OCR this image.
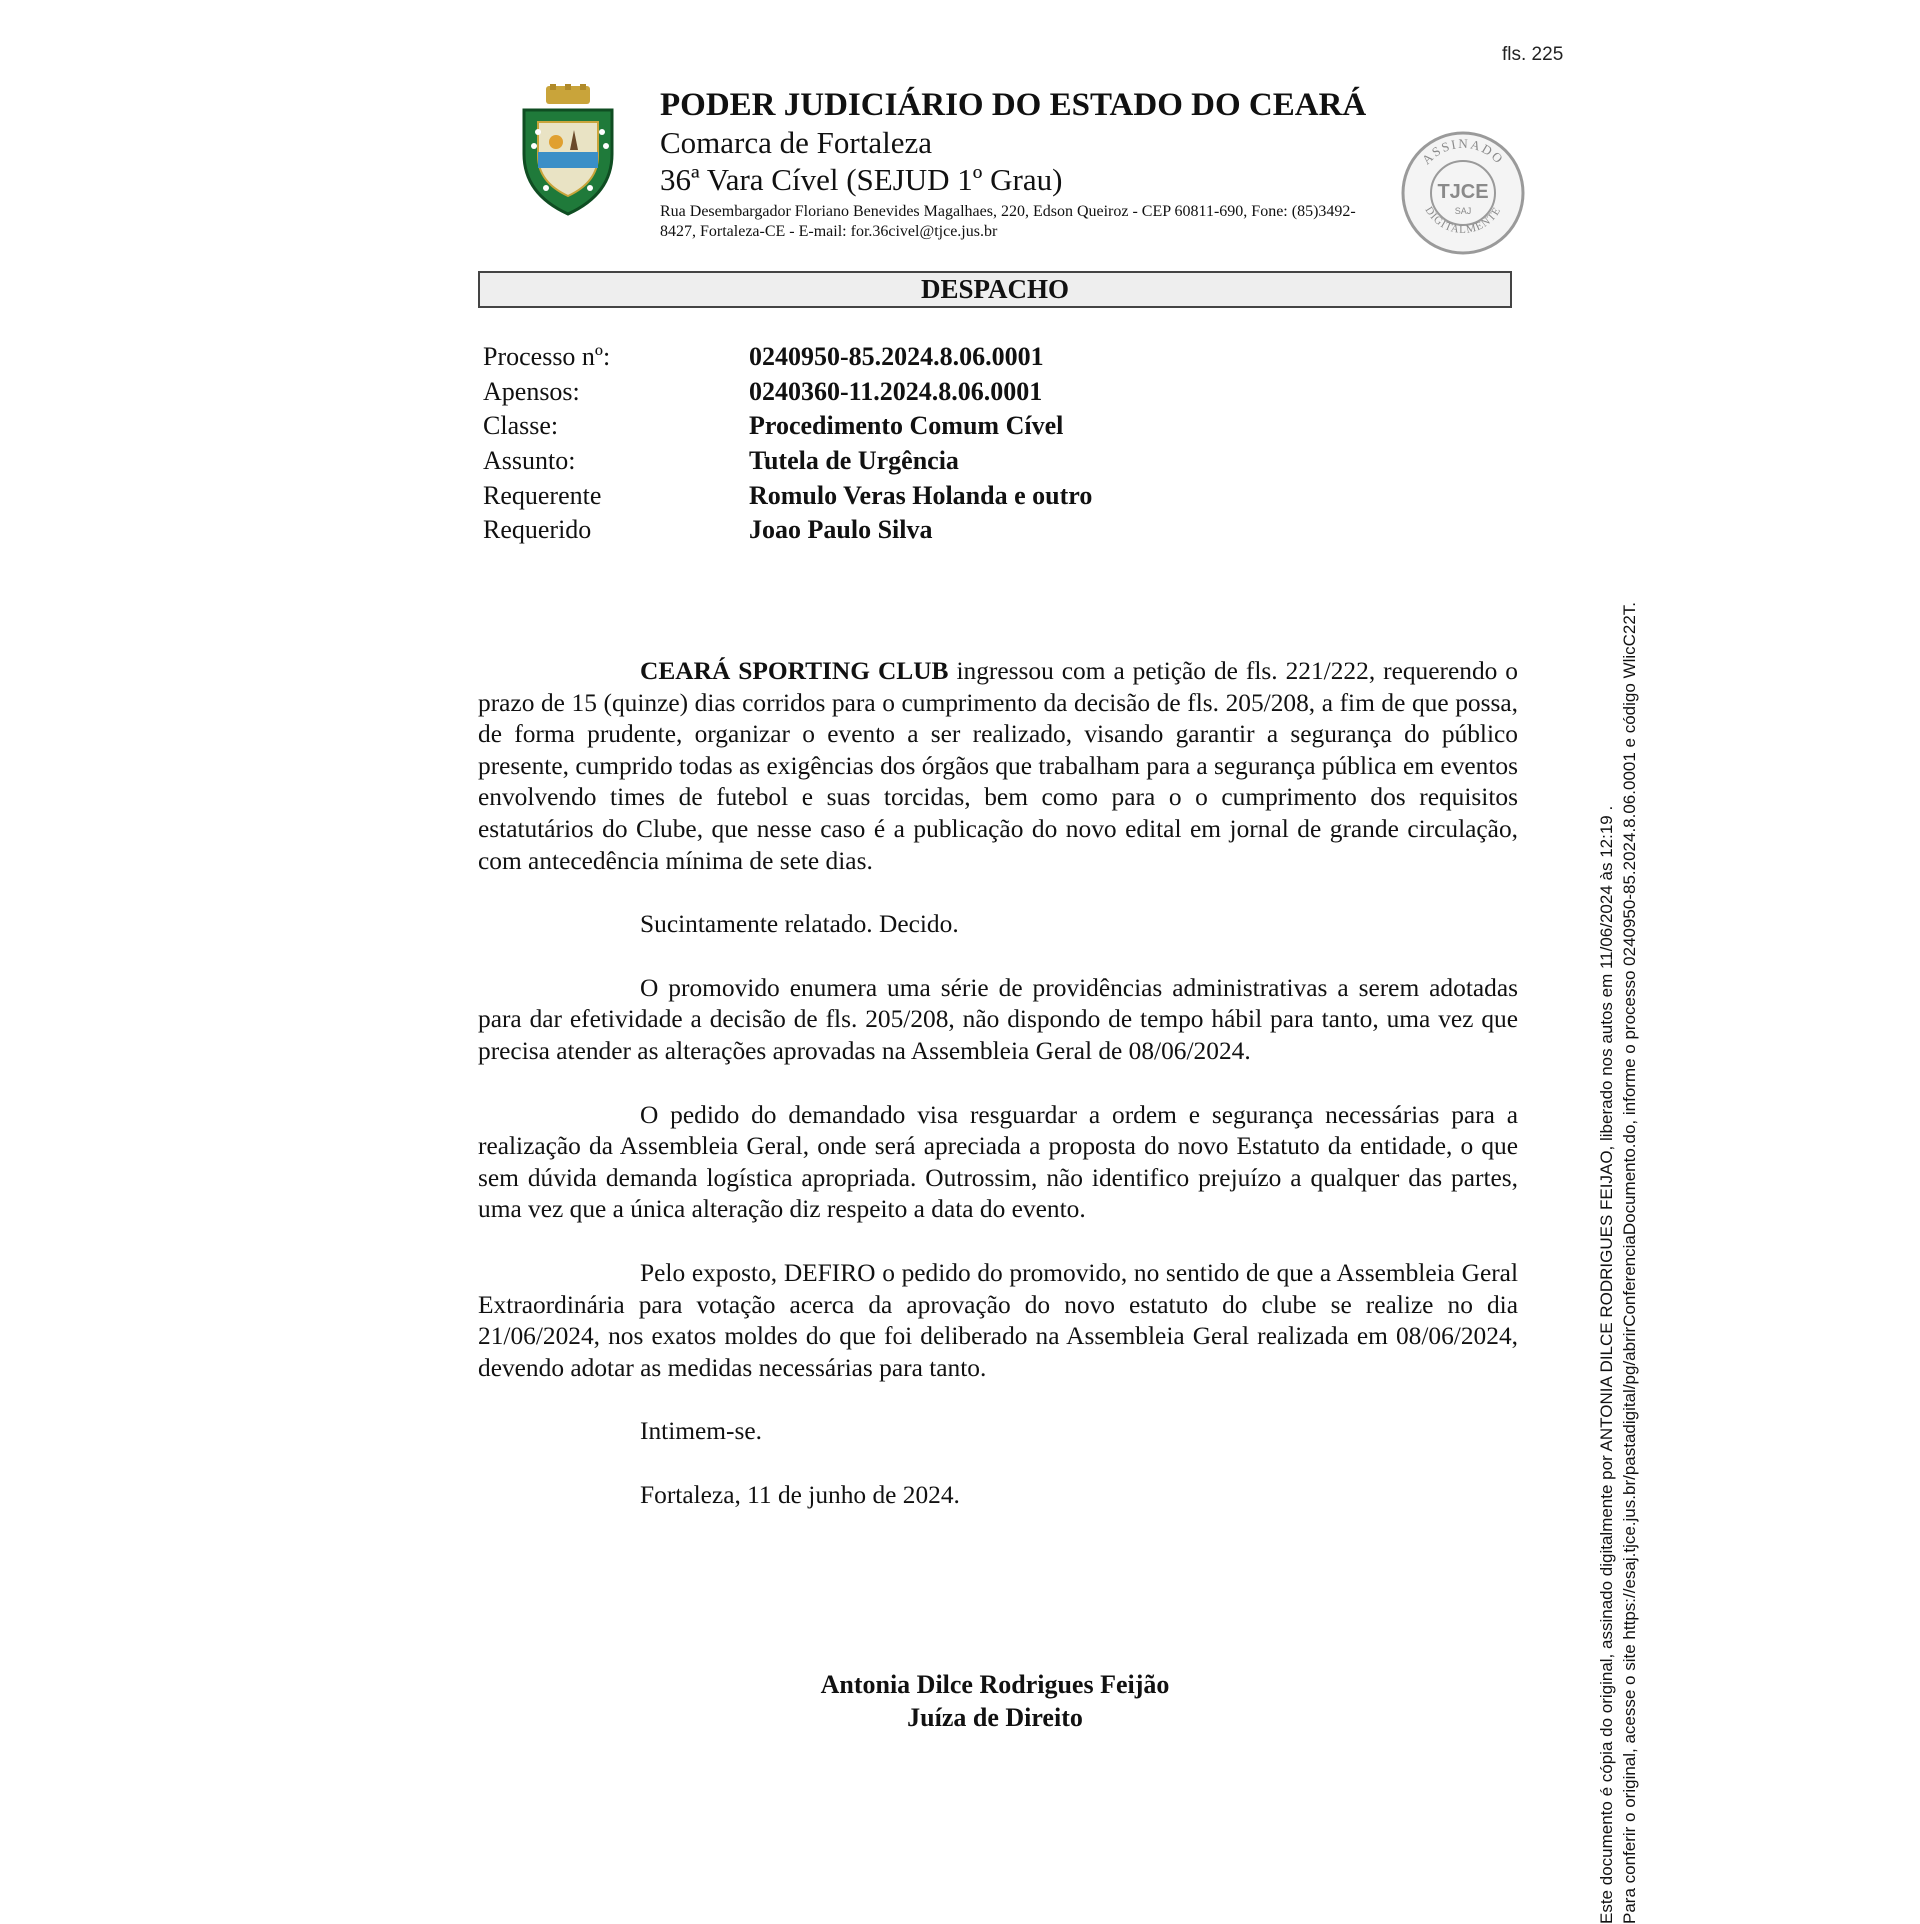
fls. 225
PODER JUDICIÁRIO DO ESTADO DO CEARÁ
Comarca de Fortaleza
36ª Vara Cível (SEJUD 1º Grau)
Rua Desembargador Floriano Benevides Magalhaes, 220, Edson Queiroz - CEP 60811-690, Fone: (85)3492-8427, Fortaleza-CE - E-mail: for.36civel@tjce.jus.br
ASSINADO
DIGITALMENTE
TJCE
SAJ
DESPACHO
Processo nº:	0240950-85.2024.8.06.0001
Apensos:	0240360-11.2024.8.06.0001
Classe:	Procedimento Comum Cível
Assunto:	Tutela de Urgência
Requerente	Romulo Veras Holanda e outro
Requerido	Joao Paulo Silva

CEARÁ SPORTING CLUB ingressou com a petição de fls. 221/222, requerendo o prazo de 15 (quinze) dias corridos para o cumprimento da decisão de fls. 205/208, a fim de que possa, de forma prudente, organizar o evento a ser realizado, visando garantir a segurança do público presente, cumprido todas as exigências dos órgãos que trabalham para a segurança pública em eventos envolvendo times de futebol e suas torcidas, bem como para o o cumprimento dos requisitos estatutários do Clube, que nesse caso é a publicação do novo edital em jornal de grande circulação, com antecedência mínima de sete dias.

Sucintamente relatado. Decido.

O promovido enumera uma série de providências administrativas a serem adotadas para dar efetividade a decisão de fls. 205/208, não dispondo de tempo hábil para tanto, uma vez que precisa atender as alterações aprovadas na Assembleia Geral de 08/06/2024.

O pedido do demandado visa resguardar a ordem e segurança necessárias para a realização da Assembleia Geral, onde será apreciada a proposta do novo Estatuto da entidade, o que sem dúvida demanda logística apropriada. Outrossim, não identifico prejuízo a qualquer das partes, uma vez que a única alteração diz respeito a data do evento.

Pelo exposto, DEFIRO o pedido do promovido, no sentido de que a Assembleia Geral Extraordinária para votação acerca da aprovação do novo estatuto do clube se realize no dia 21/06/2024, nos exatos moldes do que foi deliberado na Assembleia Geral realizada em 08/06/2024, devendo adotar as medidas necessárias para tanto.

Intimem-se.

Fortaleza, 11 de junho de 2024.

Antonia Dilce Rodrigues Feijão
Juíza de Direito	Este documento é cópia do original, assinado digitalmente por ANTONIA DILCE RODRIGUES FEIJAO, liberado nos autos em 11/06/2024 às 12:19 . Para conferir o original, acesse o site https://esaj.tjce.jus.br/pastadigital/pg/abrirConferenciaDocumento.do, informe o processo 0240950-85.2024.8.06.0001 e código WlicC22T.
